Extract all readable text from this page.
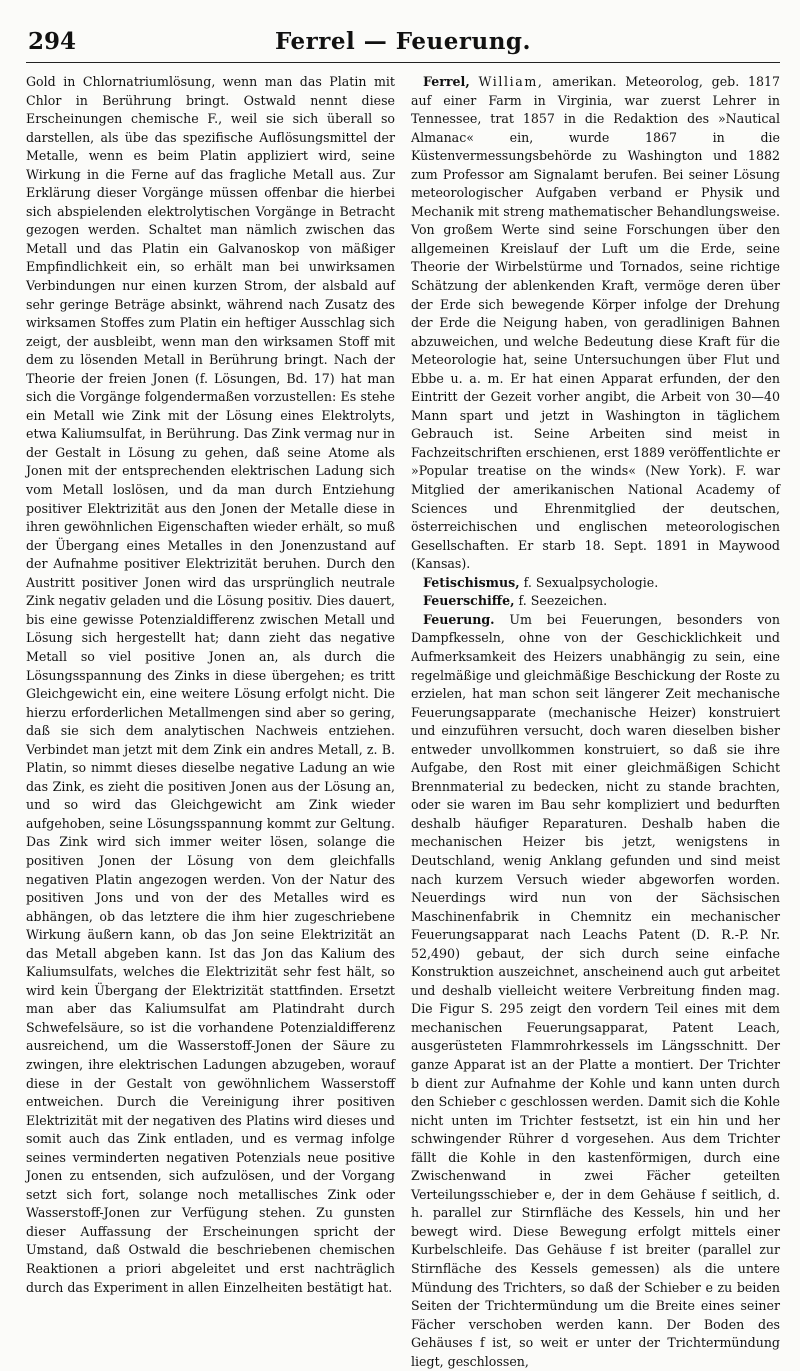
294	Ferrel — Feuerung.

Gold in Chlornatriumlösung, wenn man das Platin mit Chlor in Berührung bringt. Ostwald nennt diese Erscheinungen chemische F., weil sie sich überall so darstellen, als übe das spezifische Auflösungsmittel der Metalle, wenn es beim Platin appliziert wird, seine Wirkung in die Ferne auf das fragliche Metall aus. Zur Erklärung dieser Vorgänge müssen offenbar die hierbei sich abspielenden elektrolytischen Vorgänge in Betracht gezogen werden. Schaltet man nämlich zwischen das Metall und das Platin ein Galvanoskop von mäßiger Empfindlichkeit ein, so erhält man bei unwirksamen Verbindungen nur einen kurzen Strom, der alsbald auf sehr geringe Beträge absinkt, während nach Zusatz des wirksamen Stoffes zum Platin ein heftiger Ausschlag sich zeigt, der ausbleibt, wenn man den wirksamen Stoff mit dem zu lösenden Metall in Berührung bringt. Nach der Theorie der freien Jonen (f. Lösungen, Bd. 17) hat man sich die Vorgänge folgendermaßen vorzustellen: Es stehe ein Metall wie Zink mit der Lösung eines Elektrolyts, etwa Kaliumsulfat, in Berührung. Das Zink vermag nur in der Gestalt in Lösung zu gehen, daß seine Atome als Jonen mit der entsprechenden elektrischen Ladung sich vom Metall loslösen, und da man durch Entziehung positiver Elektrizität aus den Jonen der Metalle diese in ihren gewöhnlichen Eigenschaften wieder erhält, so muß der Übergang eines Metalles in den Jonenzustand auf der Aufnahme positiver Elektrizität beruhen. Durch den Austritt positiver Jonen wird das ursprünglich neutrale Zink negativ geladen und die Lösung positiv. Dies dauert, bis eine gewisse Potenzialdifferenz zwischen Metall und Lösung sich hergestellt hat; dann zieht das negative Metall so viel positive Jonen an, als durch die Lösungsspannung des Zinks in diese übergehen; es tritt Gleichgewicht ein, eine weitere Lösung erfolgt nicht. Die hierzu erforderlichen Metallmengen sind aber so gering, daß sie sich dem analytischen Nachweis entziehen. Verbindet man jetzt mit dem Zink ein andres Metall, z. B. Platin, so nimmt dieses dieselbe negative Ladung an wie das Zink, es zieht die positiven Jonen aus der Lösung an, und so wird das Gleichgewicht am Zink wieder aufgehoben, seine Lösungsspannung kommt zur Geltung. Das Zink wird sich immer weiter lösen, solange die positiven Jonen der Lösung von dem gleichfalls negativen Platin angezogen werden. Von der Natur des positiven Jons und von der des Metalles wird es abhängen, ob das letztere die ihm hier zugeschriebene Wirkung äußern kann, ob das Jon seine Elektrizität an das Metall abgeben kann. Ist das Jon das Kalium des Kaliumsulfats, welches die Elektrizität sehr fest hält, so wird kein Übergang der Elektrizität stattfinden. Ersetzt man aber das Kaliumsulfat am Platindraht durch Schwefelsäure, so ist die vorhandene Potenzialdifferenz ausreichend, um die Wasserstoff-Jonen der Säure zu zwingen, ihre elektrischen Ladungen abzugeben, worauf diese in der Gestalt von gewöhnlichem Wasserstoff entweichen. Durch die Vereinigung ihrer positiven Elektrizität mit der negativen des Platins wird dieses und somit auch das Zink entladen, und es vermag infolge seines verminderten negativen Potenzials neue positive Jonen zu entsenden, sich aufzulösen, und der Vorgang setzt sich fort, solange noch metallisches Zink oder Wasserstoff-Jonen zur Verfügung stehen. Zu gunsten dieser Auffassung der Erscheinungen spricht der Umstand, daß Ostwald die beschriebenen chemischen Reaktionen a priori abgeleitet und erst nachträglich durch das Experiment in allen Einzelheiten bestätigt hat.

Ferrel, William, amerikan. Meteorolog, geb. 1817 auf einer Farm in Virginia, war zuerst Lehrer in Tennessee, trat 1857 in die Redaktion des »Nautical Almanac« ein, wurde 1867 in die Küstenvermessungsbehörde zu Washington und 1882 zum Professor am Signalamt berufen. Bei seiner Lösung meteorologischer Aufgaben verband er Physik und Mechanik mit streng mathematischer Behandlungsweise. Von großem Werte sind seine Forschungen über den allgemeinen Kreislauf der Luft um die Erde, seine Theorie der Wirbelstürme und Tornados, seine richtige Schätzung der ablenkenden Kraft, vermöge deren über der Erde sich bewegende Körper infolge der Drehung der Erde die Neigung haben, von geradlinigen Bahnen abzuweichen, und welche Bedeutung diese Kraft für die Meteorologie hat, seine Untersuchungen über Flut und Ebbe u. a. m. Er hat einen Apparat erfunden, der den Eintritt der Gezeit vorher angibt, die Arbeit von 30—40 Mann spart und jetzt in Washington in täglichem Gebrauch ist. Seine Arbeiten sind meist in Fachzeitschriften erschienen, erst 1889 veröffentlichte er »Popular treatise on the winds« (New York). F. war Mitglied der amerikanischen National Academy of Sciences und Ehrenmitglied der deutschen, österreichischen und englischen meteorologischen Gesellschaften. Er starb 18. Sept. 1891 in Maywood (Kansas).

Fetischismus, f. Sexualpsychologie.

Feuerschiffe, f. Seezeichen.

Feuerung. Um bei Feuerungen, besonders von Dampfkesseln, ohne von der Geschicklichkeit und Aufmerksamkeit des Heizers unabhängig zu sein, eine regelmäßige und gleichmäßige Beschickung der Roste zu erzielen, hat man schon seit längerer Zeit mechanische Feuerungsapparate (mechanische Heizer) konstruiert und einzuführen versucht, doch waren dieselben bisher entweder unvollkommen konstruiert, so daß sie ihre Aufgabe, den Rost mit einer gleichmäßigen Schicht Brennmaterial zu bedecken, nicht zu stande brachten, oder sie waren im Bau sehr kompliziert und bedurften deshalb häufiger Reparaturen. Deshalb haben die mechanischen Heizer bis jetzt, wenigstens in Deutschland, wenig Anklang gefunden und sind meist nach kurzem Versuch wieder abgeworfen worden. Neuerdings wird nun von der Sächsischen Maschinenfabrik in Chemnitz ein mechanischer Feuerungsapparat nach Leachs Patent (D. R.-P. Nr. 52,490) gebaut, der sich durch seine einfache Konstruktion auszeichnet, anscheinend auch gut arbeitet und deshalb vielleicht weitere Verbreitung finden mag. Die Figur S. 295 zeigt den vordern Teil eines mit dem mechanischen Feuerungsapparat, Patent Leach, ausgerüsteten Flammrohrkessels im Längsschnitt. Der ganze Apparat ist an der Platte a montiert. Der Trichter b dient zur Aufnahme der Kohle und kann unten durch den Schieber c geschlossen werden. Damit sich die Kohle nicht unten im Trichter festsetzt, ist ein hin und her schwingender Rührer d vorgesehen. Aus dem Trichter fällt die Kohle in den kastenförmigen, durch eine Zwischenwand in zwei Fächer geteilten Verteilungsschieber e, der in dem Gehäuse f seitlich, d. h. parallel zur Stirnfläche des Kessels, hin und her bewegt wird. Diese Bewegung erfolgt mittels einer Kurbelschleife. Das Gehäuse f ist breiter (parallel zur Stirnfläche des Kessels gemessen) als die untere Mündung des Trichters, so daß der Schieber e zu beiden Seiten der Trichtermündung um die Breite eines seiner Fächer verschoben werden kann. Der Boden des Gehäuses f ist, so weit er unter der Trichtermündung liegt, geschlossen,
